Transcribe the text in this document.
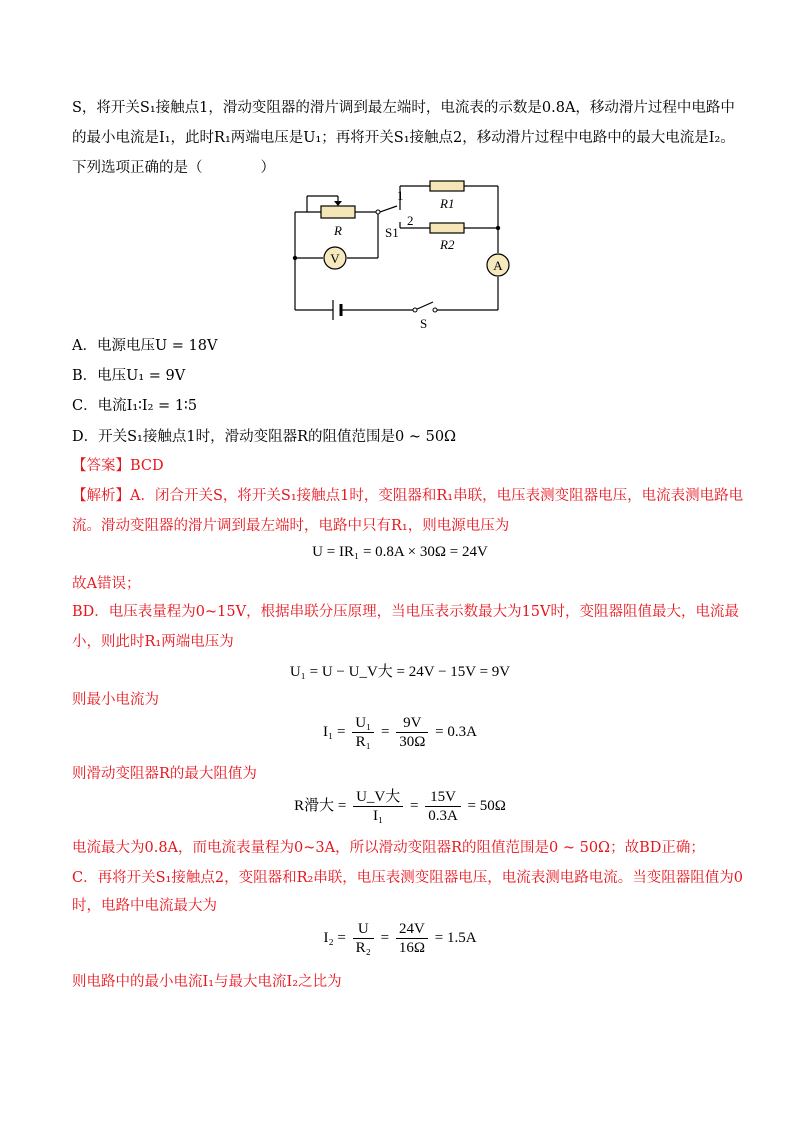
S，将开关S₁接触点1，滑动变阻器的滑片调到最左端时，电流表的示数是0.8A，移动滑片过程中电路中
的最小电流是I₁，此时R₁两端电压是U₁；再将开关S₁接触点2，移动滑片过程中电路中的最大电流是I₂。
下列选项正确的是（　　　　）
V	A
1
2
R
R1
R2
S1
S
A．电源电压U = 18V
B．电压U₁ = 9V
C．电流I₁∶I₂ = 1∶5
D．开关S₁接触点1时，滑动变阻器R的阻值范围是0 ~ 50Ω
【答案】BCD
【解析】A．闭合开关S，将开关S₁接触点1时，变阻器和R₁串联，电压表测变阻器电压，电流表测电路电
流。滑动变阻器的滑片调到最左端时，电路中只有R₁，则电源电压为
U = IR₁ = 0.8A × 30Ω = 24V
故A错误；
BD．电压表量程为0~15V，根据串联分压原理，当电压表示数最大为15V时，变阻器阻值最大，电流最
小，则此时R₁两端电压为
U₁ = U − U_V大 = 24V − 15V = 9V
则最小电流为
$I_1 = \frac{\text{U₁}}{\text{R₁}} = \frac{9V}{30\Omega} = 0.3A$
则滑动变阻器R的最大阻值为
R滑大 = $\frac{\text{U\_V大}}{\text{I₁}} = \frac{15V}{0.3A} = 50\Omega$
电流最大为0.8A，而电流表量程为0~3A，所以滑动变阻器R的阻值范围是0 ~ 50Ω；故BD正确；
C．再将开关S₁接触点2，变阻器和R₂串联，电压表测变阻器电压，电流表测电路电流。当变阻器阻值为0
时，电路中电流最大为
$I_2 = \frac{U}{\text{R₂}} = \frac{24V}{16\Omega} = 1.5A$
则电路中的最小电流I₁与最大电流I₂之比为
